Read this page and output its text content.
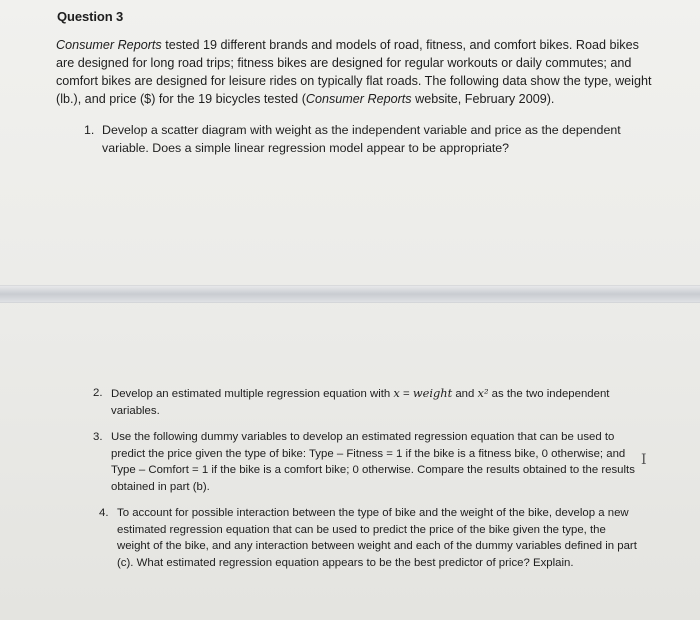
Question 3

Consumer Reports tested 19 different brands and models of road, fitness, and comfort bikes. Road bikes are designed for long road trips; fitness bikes are designed for regular workouts or daily commutes; and comfort bikes are designed for leisure rides on typically flat roads. The following data show the type, weight (lb.), and price ($) for the 19 bicycles tested (Consumer Reports website, February 2009).

1. Develop a scatter diagram with weight as the independent variable and price as the dependent variable. Does a simple linear regression model appear to be appropriate?
2. Develop an estimated multiple regression equation with x = weight and x² as the two independent variables.
3. Use the following dummy variables to develop an estimated regression equation that can be used to predict the price given the type of bike: Type – Fitness = 1 if the bike is a fitness bike, 0 otherwise; and Type – Comfort = 1 if the bike is a comfort bike; 0 otherwise. Compare the results obtained to the results obtained in part (b).
4. To account for possible interaction between the type of bike and the weight of the bike, develop a new estimated regression equation that can be used to predict the price of the bike given the type, the weight of the bike, and any interaction between weight and each of the dummy variables defined in part (c). What estimated regression equation appears to be the best predictor of price? Explain.
I
